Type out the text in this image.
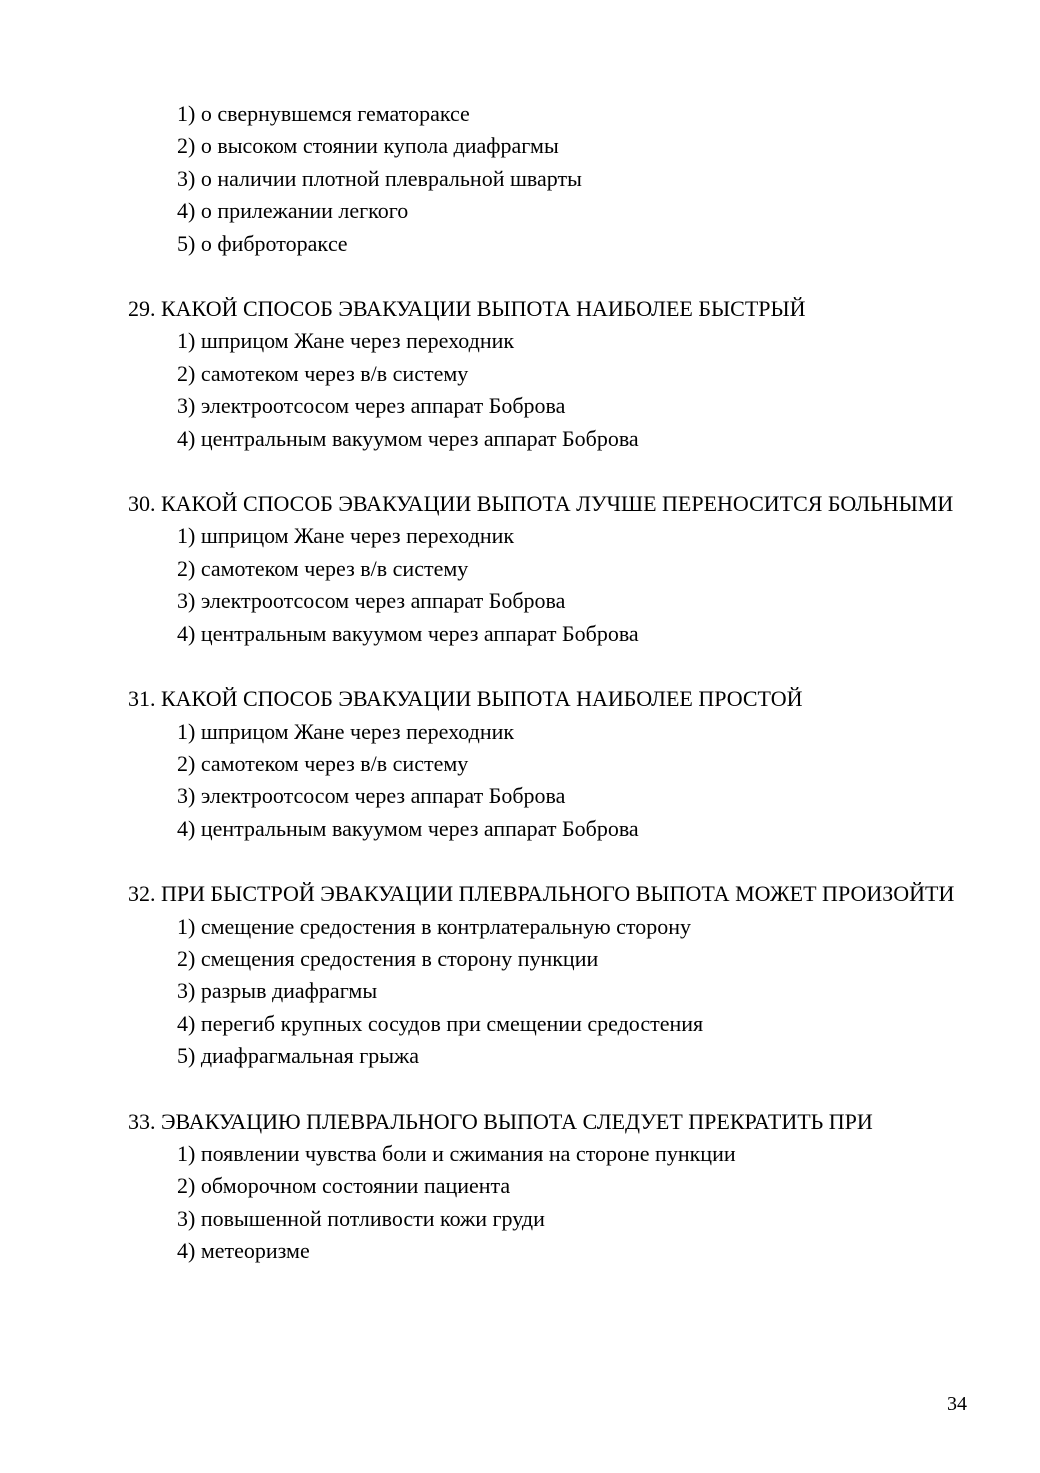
1) о свернувшемся гематораксе
2) о высоком стоянии купола диафрагмы
3) о наличии плотной плевральной шварты
4) о прилежании легкого
5) о фиброторакce
29. КАКОЙ СПОСОБ ЭВАКУАЦИИ ВЫПОТА НАИБОЛЕЕ БЫСТРЫЙ
1) шприцом Жане через переходник
2) самотеком через в/в систему
3) электроотсосом через аппарат Боброва
4) центральным вакуумом через аппарат Боброва
30. КАКОЙ СПОСОБ ЭВАКУАЦИИ ВЫПОТА ЛУЧШЕ ПЕРЕНОСИТСЯ БОЛЬНЫМИ
1) шприцом Жане через переходник
2) самотеком через в/в систему
3) электроотсосом через аппарат Боброва
4) центральным вакуумом через аппарат Боброва
31. КАКОЙ СПОСОБ ЭВАКУАЦИИ ВЫПОТА НАИБОЛЕЕ ПРОСТОЙ
1) шприцом Жане через переходник
2) самотеком через в/в систему
3) электроотсосом через аппарат Боброва
4) центральным вакуумом через аппарат Боброва
32. ПРИ БЫСТРОЙ ЭВАКУАЦИИ ПЛЕВРАЛЬНОГО ВЫПОТА МОЖЕТ ПРОИЗОЙТИ
1) смещение средостения в контрлатеральную сторону
2) смещения средостения в сторону пункции
3) разрыв диафрагмы
4) перегиб крупных сосудов при смещении средостения
5) диафрагмальная грыжа
33. ЭВАКУАЦИЮ ПЛЕВРАЛЬНОГО ВЫПОТА СЛЕДУЕТ ПРЕКРАТИТЬ ПРИ
1) появлении чувства боли и сжимания на стороне пункции
2) обморочном состоянии пациента
3) повышенной потливости кожи груди
4) метеоризме
34
